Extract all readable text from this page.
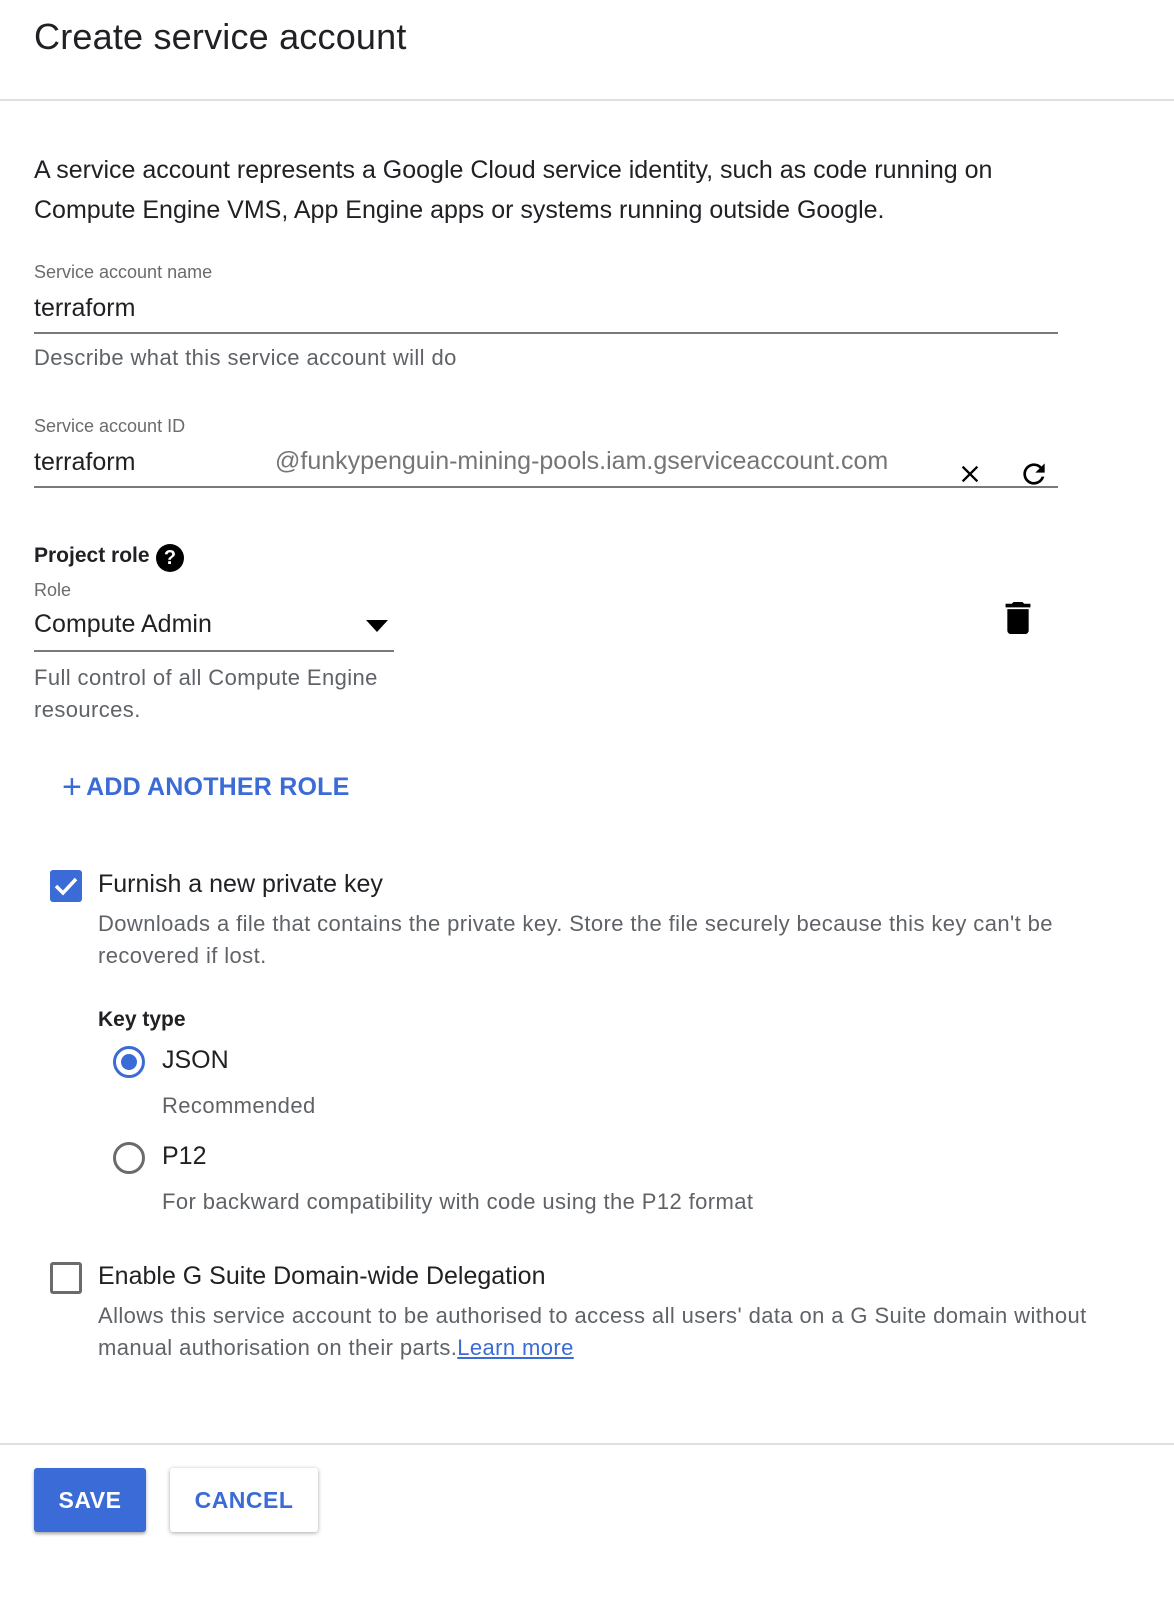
Create service account
A service account represents a Google Cloud service identity, such as code running on Compute Engine VMS, App Engine apps or systems running outside Google.
Service account name
terraform
Describe what this service account will do
Service account ID
terraform	@funkypenguin-mining-pools.iam.gserviceaccount.com
Project role ?
Role
Compute Admin
Full control of all Compute Engine resources.
+ ADD ANOTHER ROLE
Furnish a new private key
Downloads a file that contains the private key. Store the file securely because this key can't be recovered if lost.
Key type
JSON
Recommended
P12
For backward compatibility with code using the P12 format
Enable G Suite Domain-wide Delegation
Allows this service account to be authorised to access all users' data on a G Suite domain without manual authorisation on their parts.Learn more
SAVE	CANCEL
